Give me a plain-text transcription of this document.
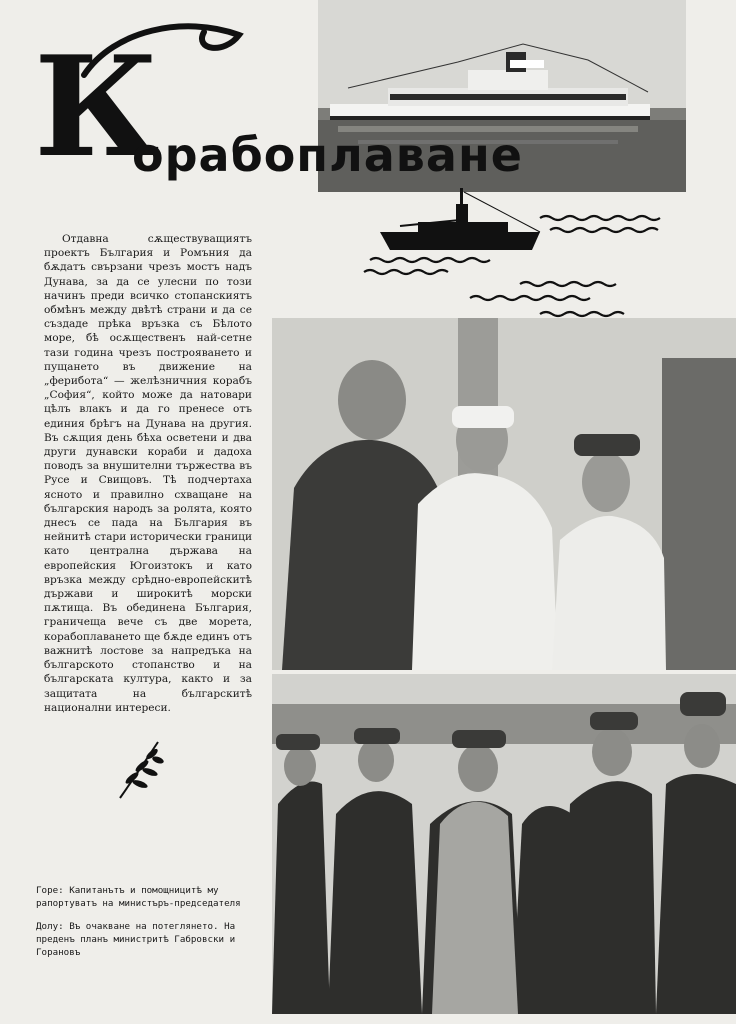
К
орабоплаване
Отдавна сѫществуващиятъ проектъ България и Ромъния да бѫдатъ свързани чрезъ мостъ надъ Дунава, за да се улесни по този начинъ преди всичко стопанскиятъ обмѣнъ между двѣтѣ страни и да се създаде прѣка връзка съ Бѣлото море, бѣ осѫщественъ най-сетне тази година чрезъ построяването и пущането въ движение на „ферибота“ — желѣзничния корабъ „София“, който може да натовари цѣлъ влакъ и да го пренесе отъ единия брѣгъ на Дунава на другия. Въ сѫщия день бѣха осветени и два други дунавски кораби и дадоха поводъ за внушителни тържества въ Русе и Свищовъ. Тѣ подчертаха ясното и правилно схващане на българския народъ за ролята, която днесъ се пада на България въ нейнитѣ стари исторически граници като централна държава на европейския Югоизтокъ и като връзка между срѣдно-европейскитѣ държави и широкитѣ морски пѫтища. Въ обединена България, граничеща вече съ двe морета, корабоплаването ще бѫде единъ отъ важнитѣ лостове за напредъка на българското стопанство и на българската култура, както и за защитата на българскитѣ национални интереси.

Горе: Капитанътъ и помощницитѣ му рапортуватъ на министъръ-председателя

Долу: Въ очакване на потеглянето. На преденъ планъ министритѣ Габровски и Горановъ
